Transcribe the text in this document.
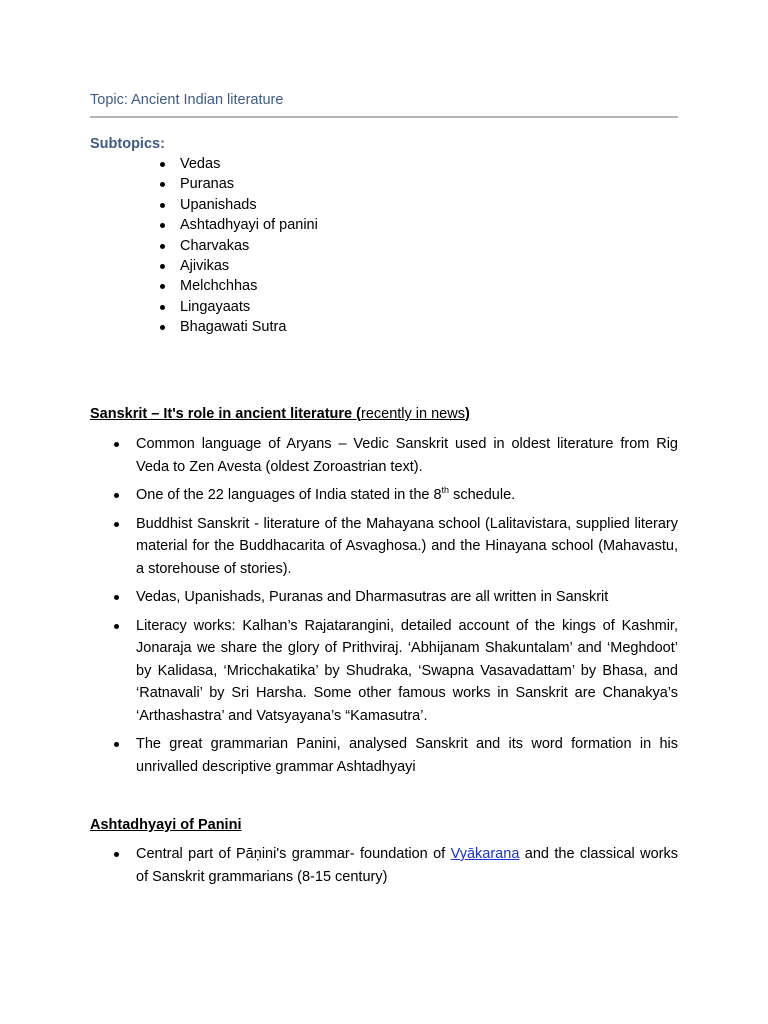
Topic: Ancient Indian literature
Subtopics:
Vedas
Puranas
Upanishads
Ashtadhyayi of panini
Charvakas
Ajivikas
Melchchhas
Lingayaats
Bhagawati Sutra
Sanskrit – It's role in ancient literature (recently in news)
Common language of Aryans – Vedic Sanskrit used in oldest literature from Rig Veda to Zen Avesta (oldest Zoroastrian text).
One of the 22 languages of India stated in the 8th schedule.
Buddhist Sanskrit - literature of the Mahayana school (Lalitavistara, supplied literary material for the Buddhacarita of Asvaghosa.) and the Hinayana school (Mahavastu, a storehouse of stories).
Vedas, Upanishads, Puranas and Dharmasutras are all written in Sanskrit
Literacy works: Kalhan’s Rajatarangini, detailed account of the kings of Kashmir, Jonaraja we share the glory of Prithviraj. ‘Abhijanam Shakuntalam’ and ‘Meghdoot’ by Kalidasa, ‘Mricchakatika’ by Shudraka, ‘Swapna Vasavadattam’ by Bhasa, and ‘Ratnavali’ by Sri Harsha. Some other famous works in Sanskrit are Chanakya’s ‘Arthashastra’ and Vatsyayana’s “Kamasutra’.
The great grammarian Panini, analysed Sanskrit and its word formation in his unrivalled descriptive grammar Ashtadhyayi
Ashtadhyayi of Panini
Central part of Pāṇini's grammar- foundation of Vyākarana and the classical works of Sanskrit grammarians (8-15 century)
